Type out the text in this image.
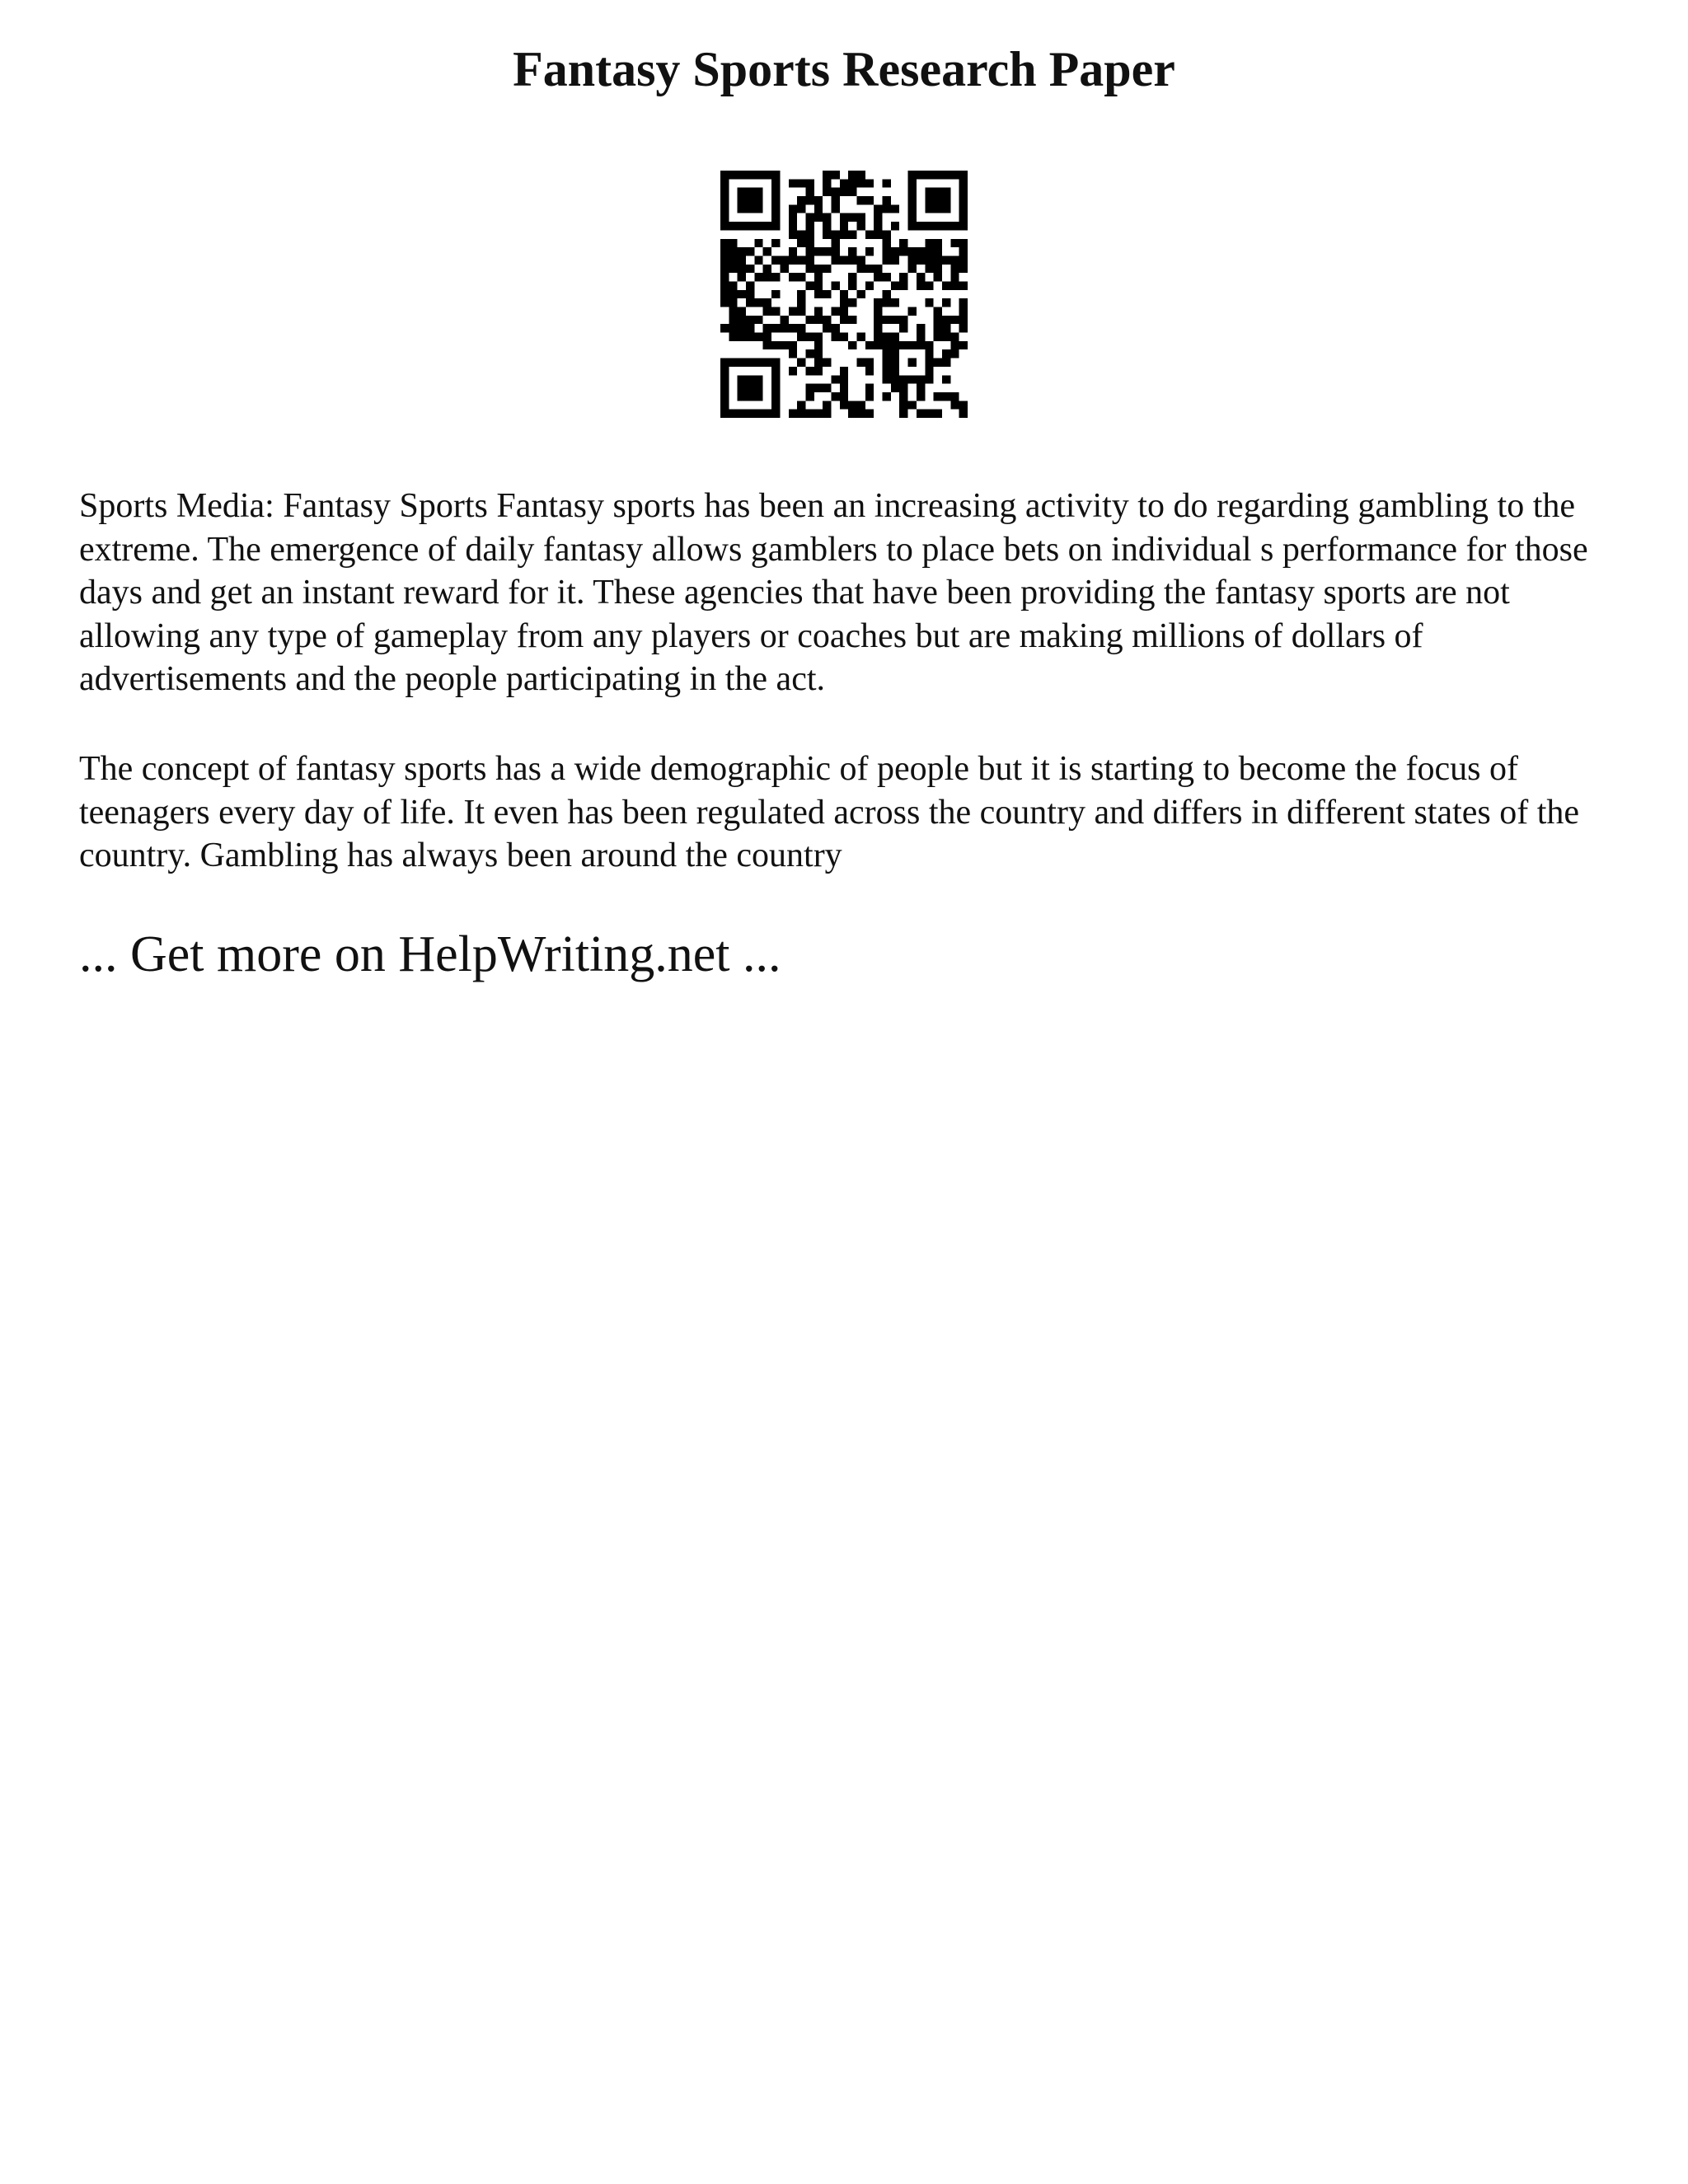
Fantasy Sports Research Paper

Sports Media: Fantasy Sports Fantasy sports has been an increasing activity to do regarding gambling to the extreme. The emergence of daily fantasy allows gamblers to place bets on individual s performance for those days and get an instant reward for it. These agencies that have been providing the fantasy sports are not allowing any type of gameplay from any players or coaches but are making millions of dollars of advertisements and the people participating in the act.

The concept of fantasy sports has a wide demographic of people but it is starting to become the focus of teenagers every day of life. It even has been regulated across the country and differs in different states of the country. Gambling has always been around the country

... Get more on HelpWriting.net ...
